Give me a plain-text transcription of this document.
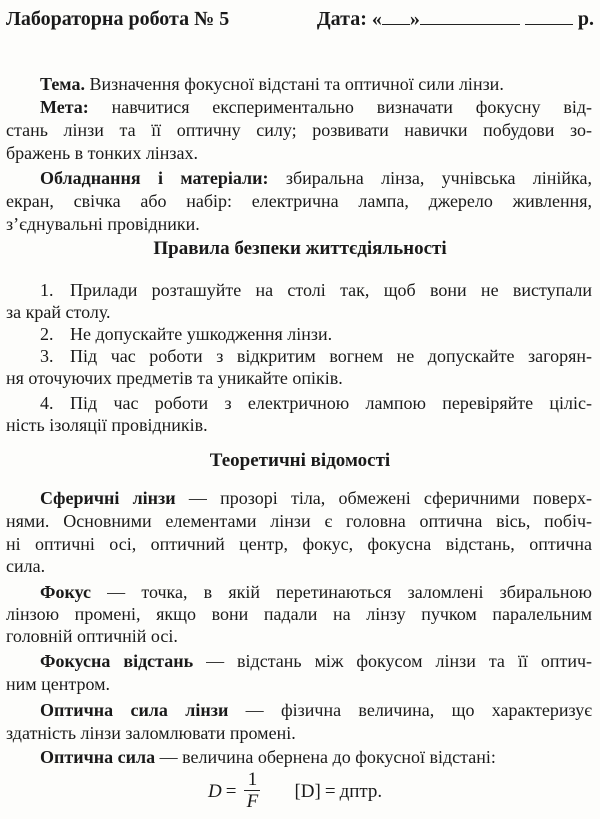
Лабораторна робота № 5	Дата: « »	р.
Тема. Визначення фокусної відстані та оптичної сили лінзи.
Мета: навчитися експериментально визначати фокусну від-
стань лінзи та її оптичну силу; розвивати навички побудови зо-
бражень в тонких лінзах.
Обладнання і матеріали: збиральна лінза, учнівська лінійка,
екран, свічка або набір: електрична лампа, джерело живлення,
з’єднувальні провідники.
Правила безпеки життєдіяльності
1. Прилади розташуйте на столі так, щоб вони не виступали
за край столу.
2. Не допускайте ушкодження лінзи.
3. Під час роботи з відкритим вогнем не допускайте загорян-
ня оточуючих предметів та уникайте опіків.
4. Під час роботи з електричною лампою перевіряйте ціліс-
ність ізоляції провідників.
Теоретичні відомості
Сферичні лінзи — прозорі тіла, обмежені сферичними поверх-
нями. Основними елементами лінзи є головна оптична вісь, побіч-
ні оптичні осі, оптичний центр, фокус, фокусна відстань, оптична
сила.
Фокус — точка, в якій перетинаються заломлені збиральною
лінзою промені, якщо вони падали на лінзу пучком паралельним
головній оптичній осі.
Фокусна відстань — відстань між фокусом лінзи та її оптич-
ним центром.
Оптична сила лінзи — фізична величина, що характеризує
здатність лінзи заломлювати промені.
Оптична сила — величина обернена до фокусної відстані:
$D = \frac{1}{F} [D]$ = дптр.
